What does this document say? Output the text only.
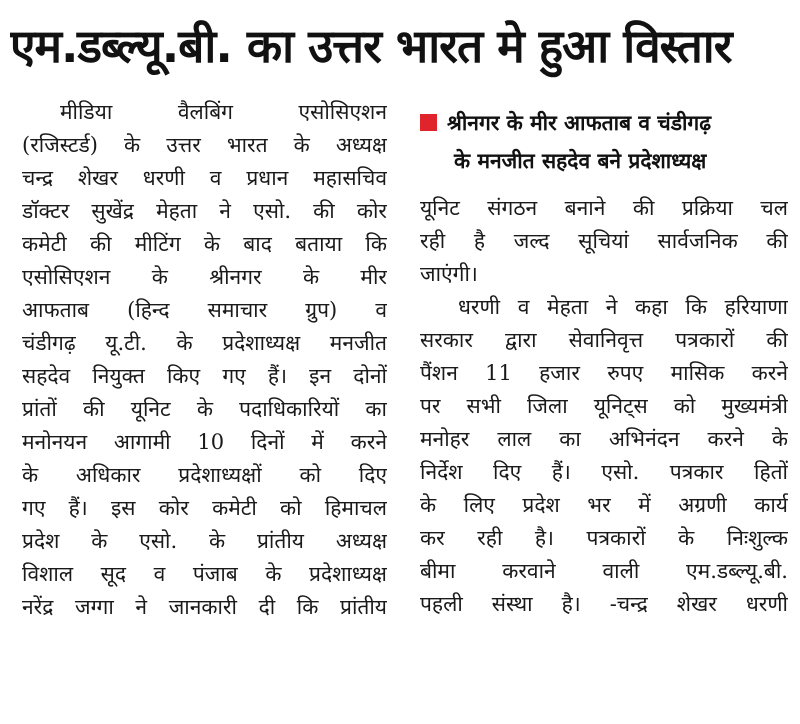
एम.डब्ल्यू.बी. का उत्तर भारत मे हुआ विस्तार
मीडिया वैलबिंग एसोसिएशन
(रजिस्टर्ड) के उत्तर भारत के अध्यक्ष
चन्द्र शेखर धरणी व प्रधान महासचिव
डॉक्टर सुखेंद्र मेहता ने एसो. की कोर
कमेटी की मीटिंग के बाद बताया कि
एसोसिएशन के श्रीनगर के मीर
आफताब (हिन्द समाचार ग्रुप) व
चंडीगढ़ यू.टी. के प्रदेशाध्यक्ष मनजीत
सहदेव नियुक्त किए गए हैं। इन दोनों
प्रांतों की यूनिट के पदाधिकारियों का
मनोनयन आगामी 10 दिनों में करने
के अधिकार प्रदेशाध्यक्षों को दिए
गए हैं। इस कोर कमेटी को हिमाचल
प्रदेश के एसो. के प्रांतीय अध्यक्ष
विशाल सूद व पंजाब के प्रदेशाध्यक्ष
नरेंद्र जग्गा ने जानकारी दी कि प्रांतीय
श्रीनगर के मीर आफताब व चंडीगढ़
के मनजीत सहदेव बने प्रदेशाध्यक्ष
यूनिट संगठन बनाने की प्रक्रिया चल
रही है जल्द सूचियां सार्वजनिक की
जाएंगी।
धरणी व मेहता ने कहा कि हरियाणा
सरकार द्वारा सेवानिवृत्त पत्रकारों की
पैंशन 11 हजार रुपए मासिक करने
पर सभी जिला यूनिट्स को मुख्यमंत्री
मनोहर लाल का अभिनंदन करने के
निर्देश दिए हैं। एसो. पत्रकार हितों
के लिए प्रदेश भर में अग्रणी कार्य
कर रही है। पत्रकारों के निःशुल्क
बीमा करवाने वाली एम.डब्ल्यू.बी.
पहली संस्था है। -चन्द्र शेखर धरणी
